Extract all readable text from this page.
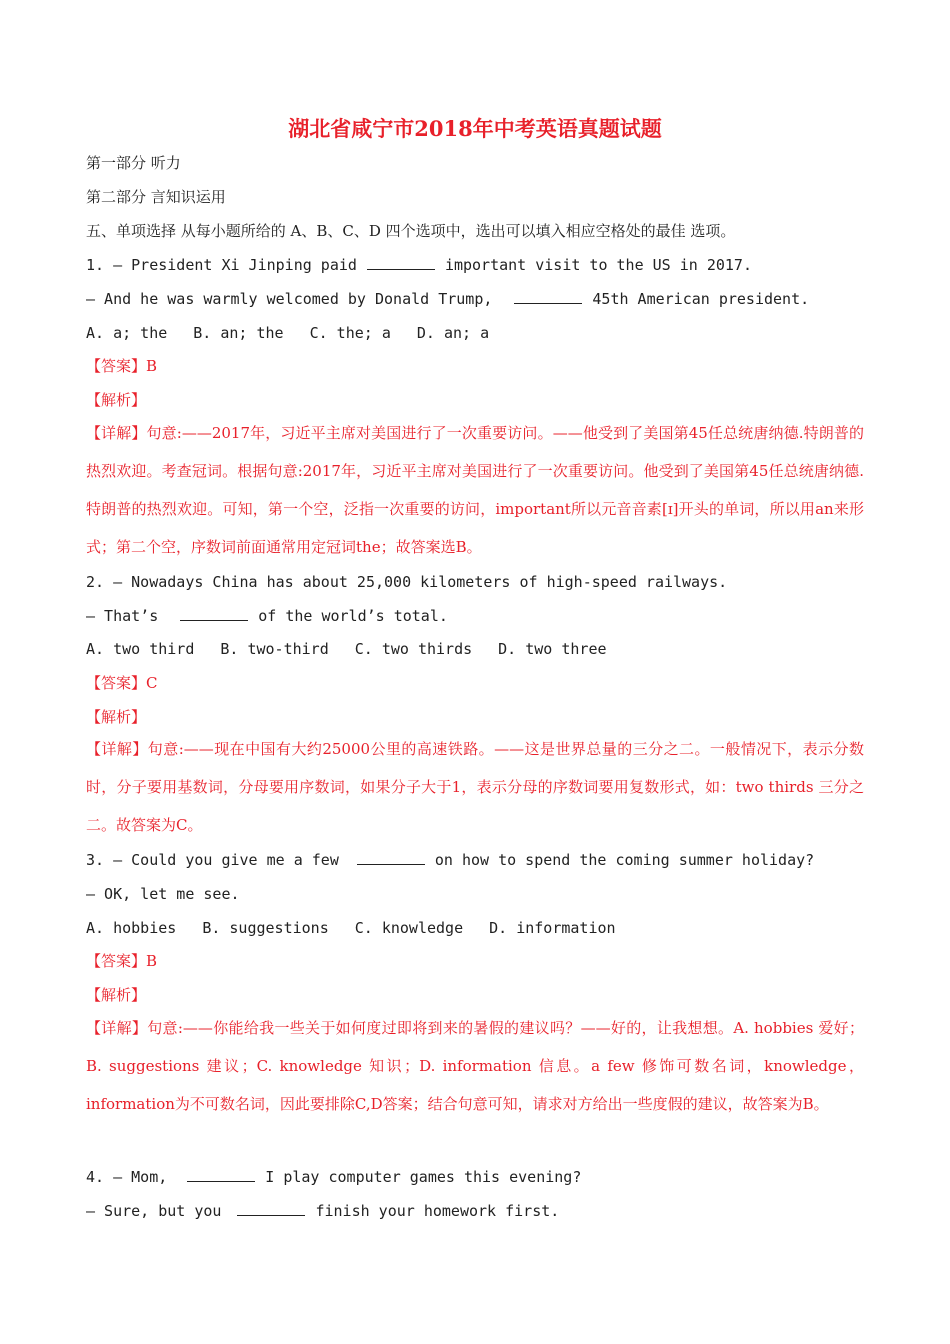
湖北省咸宁市2018年中考英语真题试题
第一部分 听力
第二部分 言知识运用
五、单项选择 从每小题所给的 A、B、C、D 四个选项中，选出可以填入相应空格处的最佳 选项。
1. — President Xi Jinping paid	important visit to the US in 2017.
— And he was warmly welcomed by Donald Trump,	45th American president.
A. a; the B. an; the C. the; a D. an; a
【答案】B
【解析】
【详解】句意:——2017年，习近平主席对美国进行了一次重要访问。——他受到了美国第45任总统唐纳德.特朗普的热烈欢迎。考查冠词。根据句意:2017年，习近平主席对美国进行了一次重要访问。他受到了美国第45任总统唐纳德.特朗普的热烈欢迎。可知，第一个空，泛指一次重要的访问，important所以元音音素[ɪ]开头的单词，所以用an来形式；第二个空，序数词前面通常用定冠词the；故答案选B。
2. — Nowadays China has about 25,000 kilometers of high-speed railways.
— That’s	of the world’s total.
A. two third B. two-third C. two thirds D. two three
【答案】C
【解析】
【详解】句意:——现在中国有大约25000公里的高速铁路。——这是世界总量的三分之二。一般情况下，表示分数时，分子要用基数词，分母要用序数词，如果分子大于1，表示分母的序数词要用复数形式，如：two thirds 三分之二。故答案为C。
3. — Could you give me a few	on how to spend the coming summer holiday?
— OK, let me see.
A. hobbies B. suggestions C. knowledge D. information
【答案】B
【解析】
【详解】句意:——你能给我一些关于如何度过即将到来的暑假的建议吗？——好的，让我想想。A. hobbies 爱好；B. suggestions 建议；C. knowledge 知识；D. information 信息。a few 修饰可数名词，knowledge，information为不可数名词，因此要排除C,D答案；结合句意可知，请求对方给出一些度假的建议，故答案为B。
4. — Mom,	I play computer games this evening?
— Sure, but you	finish your homework first.
